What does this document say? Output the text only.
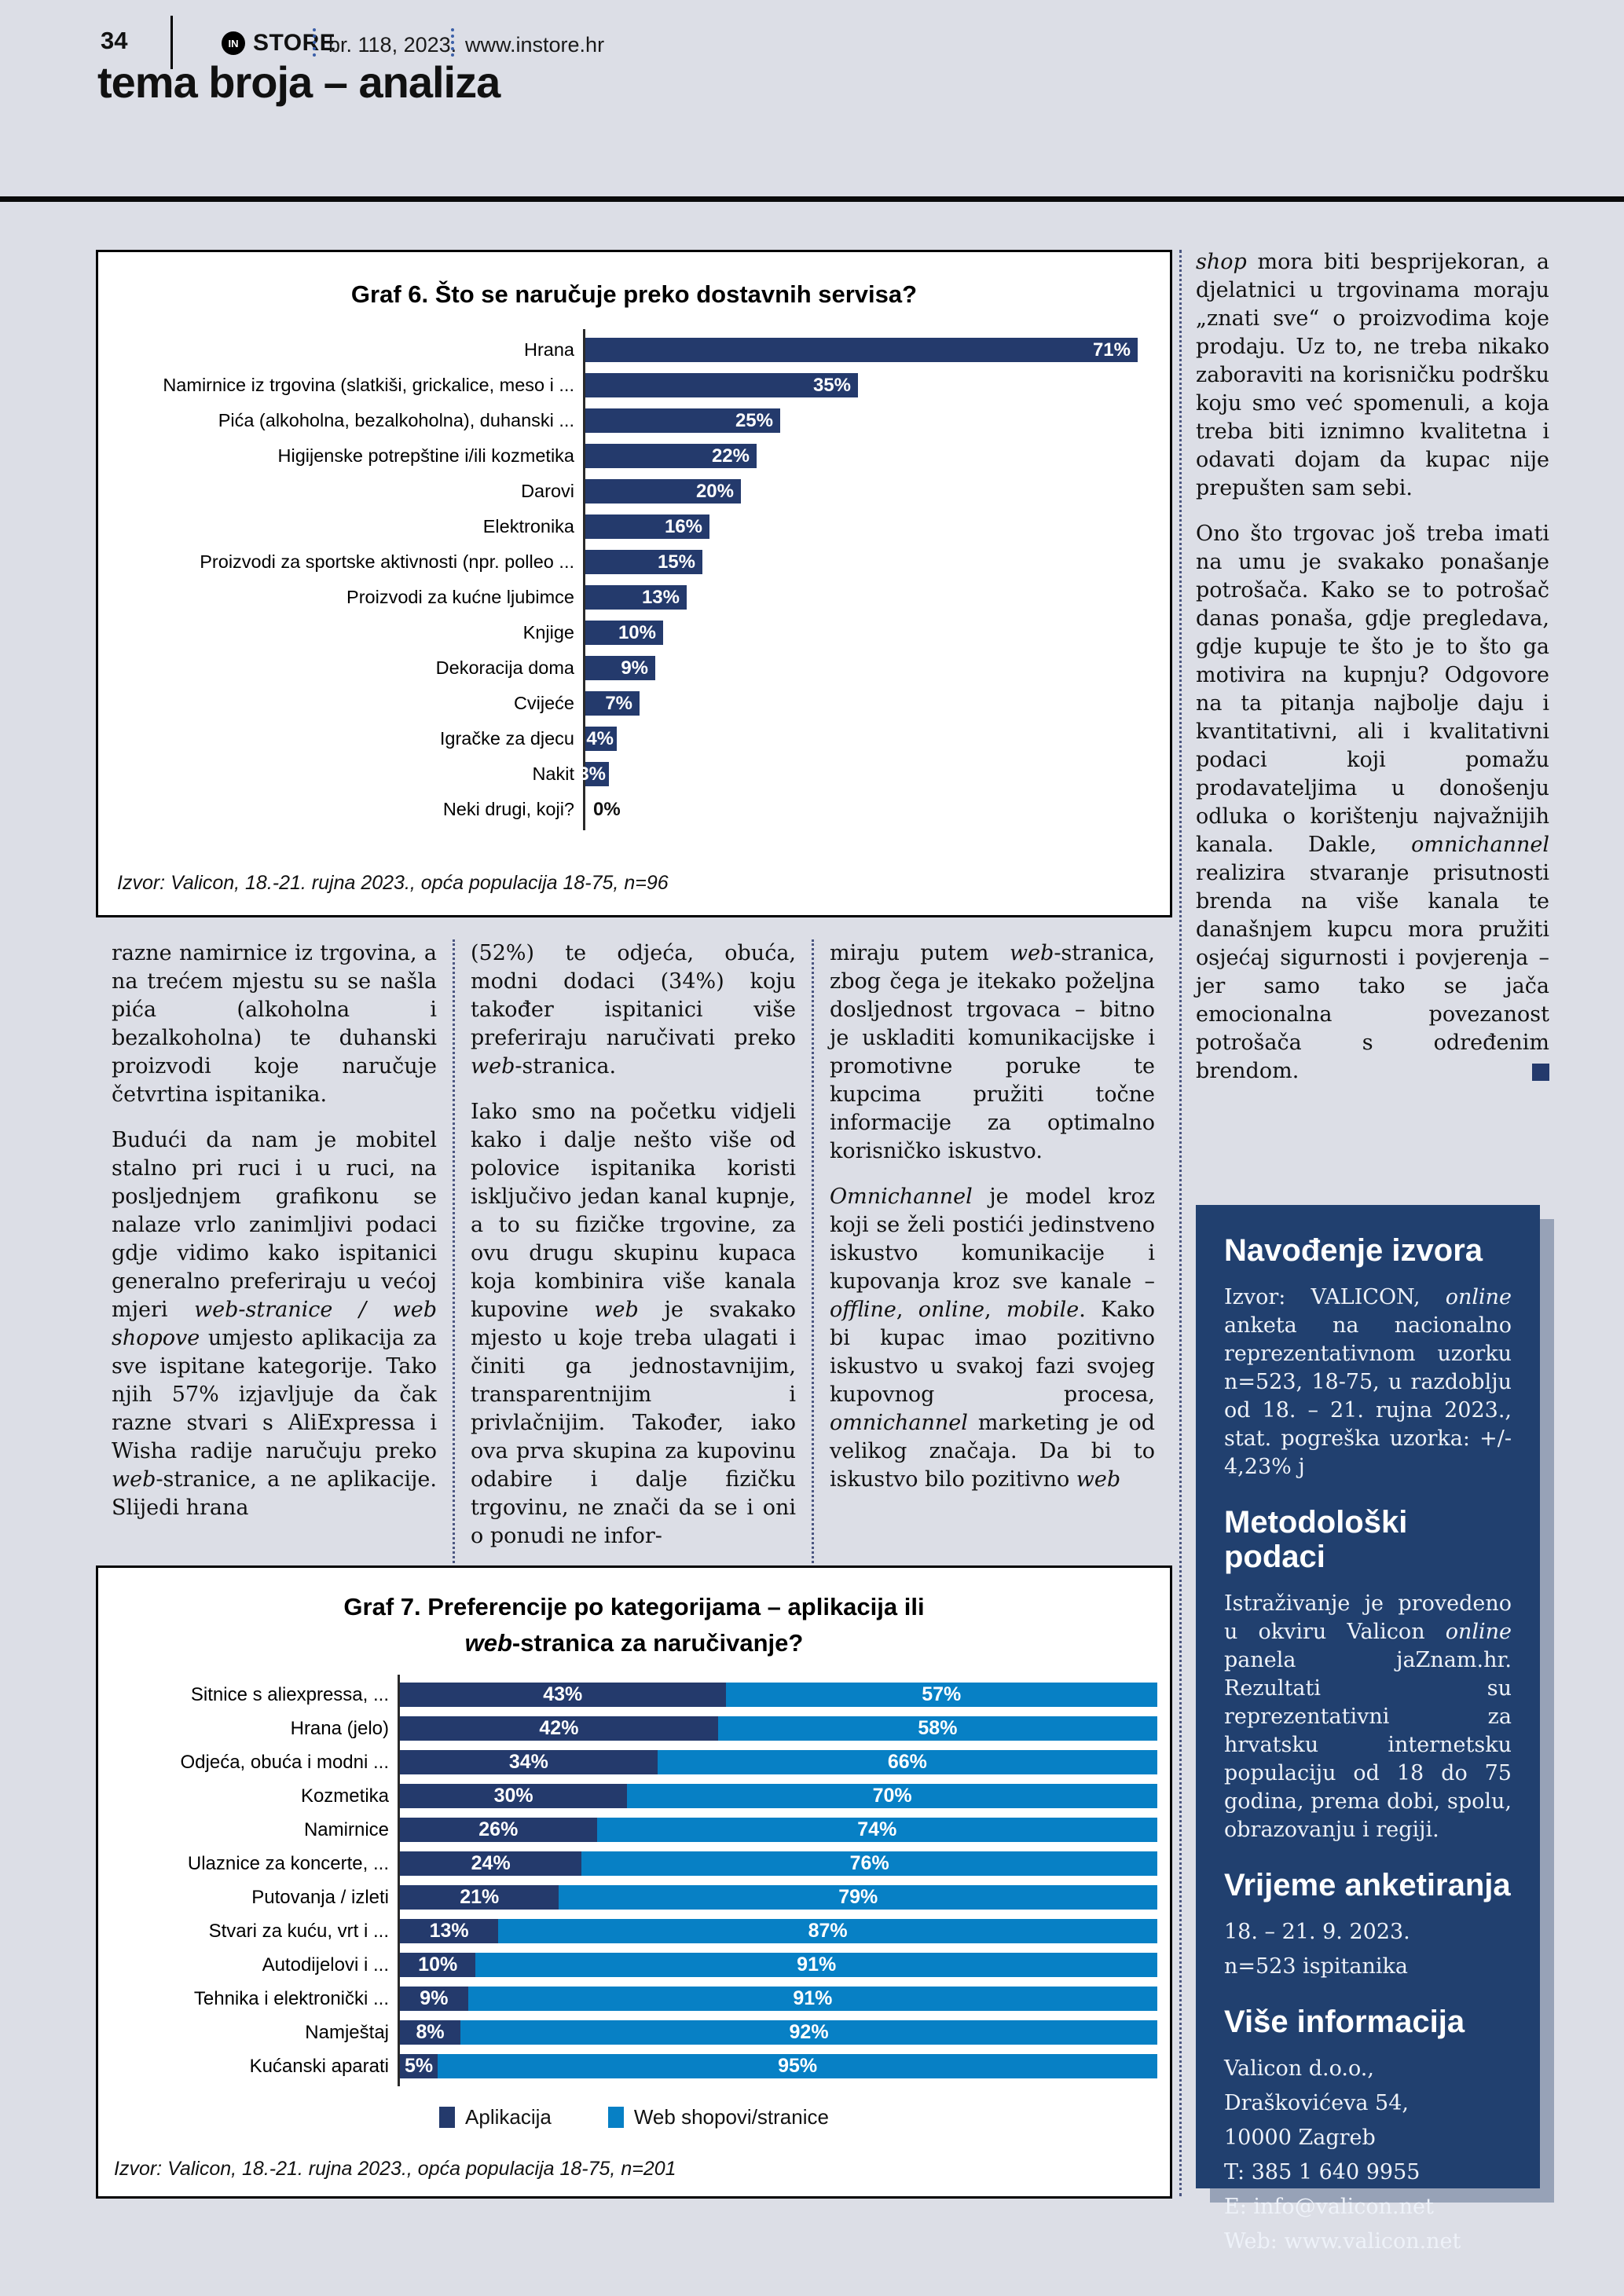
34	IN STORE
br. 118, 2023. www.instore.hr
tema broja – analiza
Graf 6. Što se naručuje preko dostavnih servisa?
Hrana	71%
Namirnice iz trgovina (slatkiši, grickalice, meso i ...	35%
Pića (alkoholna, bezalkoholna), duhanski ...	25%
Higijenske potrepštine i/ili kozmetika	22%
Darovi	20%
Elektronika	16%
Proizvodi za sportske aktivnosti (npr. polleo ...	15%
Proizvodi za kućne ljubimce	13%
Knjige	10%
Dekoracija doma	9%
Cvijeće	7%
Igračke za djecu 4%
Nakit 3%
Neki drugi, koji?	0%
Izvor: Valicon, 18.-21. rujna 2023., opća populacija 18-75, n=96

razne namirnice iz trgovina, a na trećem mjestu su se našla pića (alkoholna i bezalkoholna) te duhanski proizvodi koje naručuje četvrtina ispitanika.

Budući da nam je mobitel stalno pri ruci i u ruci, na posljednjem grafikonu se nalaze vrlo zanimljivi podaci gdje vidimo kako ispitanici generalno preferiraju u većoj mjeri web-stranice / web shopove umjesto aplikacija za sve ispitane kategorije. Tako njih 57% izjavljuje da čak razne stvari s AliExpressa i Wisha radije naručuju preko web-stranice, a ne aplikacije. Slijedi hrana

(52%) te odjeća, obuća, modni dodaci (34%) koju također ispitanici više preferiraju naručivati preko web-stranica.

Iako smo na početku vidjeli kako i dalje nešto više od polovice ispitanika koristi isključivo jedan kanal kupnje, a to su fizičke trgovine, za ovu drugu skupinu kupaca koja kombinira više kanala kupovine web je svakako mjesto u koje treba ulagati i činiti ga jednostavnijim, transparentnijim i privlačnijim. Također, iako ova prva skupina za kupovinu odabire i dalje fizičku trgovinu, ne znači da se i oni o ponudi ne infor-

miraju putem web-stranica, zbog čega je itekako poželjna dosljednost trgovaca – bitno je uskladiti komunikacijske i promotivne poruke te kupcima pružiti točne informacije za optimalno korisničko iskustvo.

Omnichannel je model kroz koji se želi postići jedinstveno iskustvo komunikacije i kupovanja kroz sve kanale – offline, online, mobile. Kako bi kupac imao pozitivno iskustvo u svakoj fazi svojeg kupovnog procesa, omnichannel marketing je od velikog značaja. Da bi to iskustvo bilo pozitivno web

Graf 7. Preferencije po kategorijama – aplikacija ili
web-stranica za naručivanje?
Sitnice s aliexpressa, ...	43%	57%
Hrana (jelo)	42%	58%
Odjeća, obuća i modni ...	34%	66%
Kozmetika	30%	70%
Namirnice	26%	74%
Ulaznice za koncerte, ...	24%	76%
Putovanja / izleti	21%	79%
Stvari za kuću, vrt i ...	13%	87%
Autodijelovi i ...	10%	91%
Tehnika i elektronički ...	9%	91%
Namještaj	8%	92%
Kućanski aparati 5%	95%
Aplikacija	Web shopovi/stranice
Izvor: Valicon, 18.-21. rujna 2023., opća populacija 18-75, n=201

shop mora biti besprijekoran, a djelatnici u trgovinama moraju „znati sve“ o proizvodima koje prodaju. Uz to, ne treba nikako zaboraviti na korisničku podršku koju smo već spomenuli, a koja treba biti iznimno kvalitetna i odavati dojam da kupac nije prepušten sam sebi.

Ono što trgovac još treba imati na umu je svakako ponašanje potrošača. Kako se to potrošač danas ponaša, gdje pregledava, gdje kupuje te što je to što ga motivira na kupnju? Odgovore na ta pitanja najbolje daju i kvantitativni, ali i kvalitativni podaci koji pomažu prodavateljima u donošenju odluka o korištenju najvažnijih kanala. Dakle, omnichannel realizira stvaranje prisutnosti brenda na više kanala te današnjem kupcu mora pružiti osjećaj sigurnosti i povjerenja – jer samo tako se jača emocionalna povezanost potrošača s određenim brendom.

Navođenje izvora

Izvor: VALICON, online anketa na nacionalno reprezentativnom uzorku n=523, 18-75, u razdoblju od 18. – 21. rujna 2023., stat. pogreška uzorka: +/- 4,23% j

Metodološki podaci

Istraživanje je provedeno u okviru Valicon online panela jaZnam.hr. Rezultati su reprezentativni za hrvatsku internetsku populaciju od 18 do 75 godina, prema dobi, spolu, obrazovanju i regiji.

Vrijeme anketiranja

18. – 21. 9. 2023.

n=523 ispitanika

Više informacija

Valicon d.o.o.,

Draškovićeva 54,

10000 Zagreb

T: 385 1 640 9955

E: info@valicon.net

Web: www.valicon.net
